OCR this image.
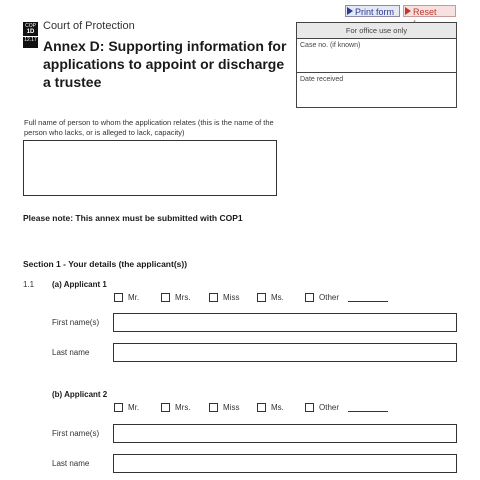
Print form	Reset
COP
1D
12.17
Court of Protection
Annex D: Supporting information for applications to appoint or discharge a trustee
For office use only
Case no. (if known)
Date received
Full name of person to whom the application relates (this is the name of the person who lacks, or is alleged to lack, capacity)
Please note: This annex must be submitted with COP1
Section 1 - Your details (the applicant(s))
1.1 (a) Applicant 1
Mr.	Mrs.	Miss	Ms.	Other
First name(s)
Last name
(b) Applicant 2
Mr.	Mrs.	Miss	Ms.	Other
First name(s)
Last name
